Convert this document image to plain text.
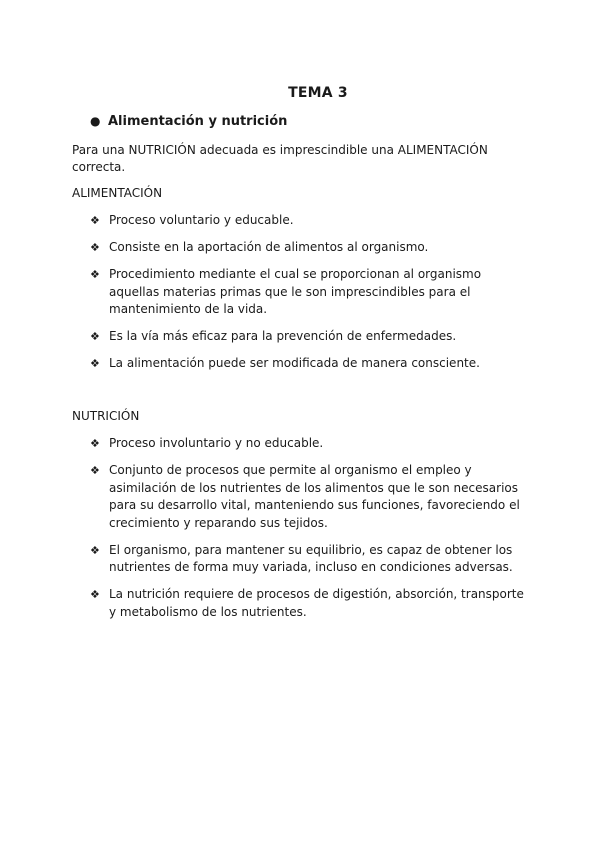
TEMA 3
● Alimentación y nutrición
Para una NUTRICIÓN adecuada es imprescindible una ALIMENTACIÓN correcta.
ALIMENTACIÓN
❖ Proceso voluntario y educable.
❖ Consiste en la aportación de alimentos al organismo.
❖ Procedimiento mediante el cual se proporcionan al organismo aquellas materias primas que le son imprescindibles para el mantenimiento de la vida.
❖ Es la vía más eficaz para la prevención de enfermedades.
❖ La alimentación puede ser modificada de manera consciente.
NUTRICIÓN
❖ Proceso involuntario y no educable.
❖ Conjunto de procesos que permite al organismo el empleo y asimilación de los nutrientes de los alimentos que le son necesarios para su desarrollo vital, manteniendo sus funciones, favoreciendo el crecimiento y reparando sus tejidos.
❖ El organismo, para mantener su equilibrio, es capaz de obtener los nutrientes de forma muy variada, incluso en condiciones adversas.
❖ La nutrición requiere de procesos de digestión, absorción, transporte y metabolismo de los nutrientes.
